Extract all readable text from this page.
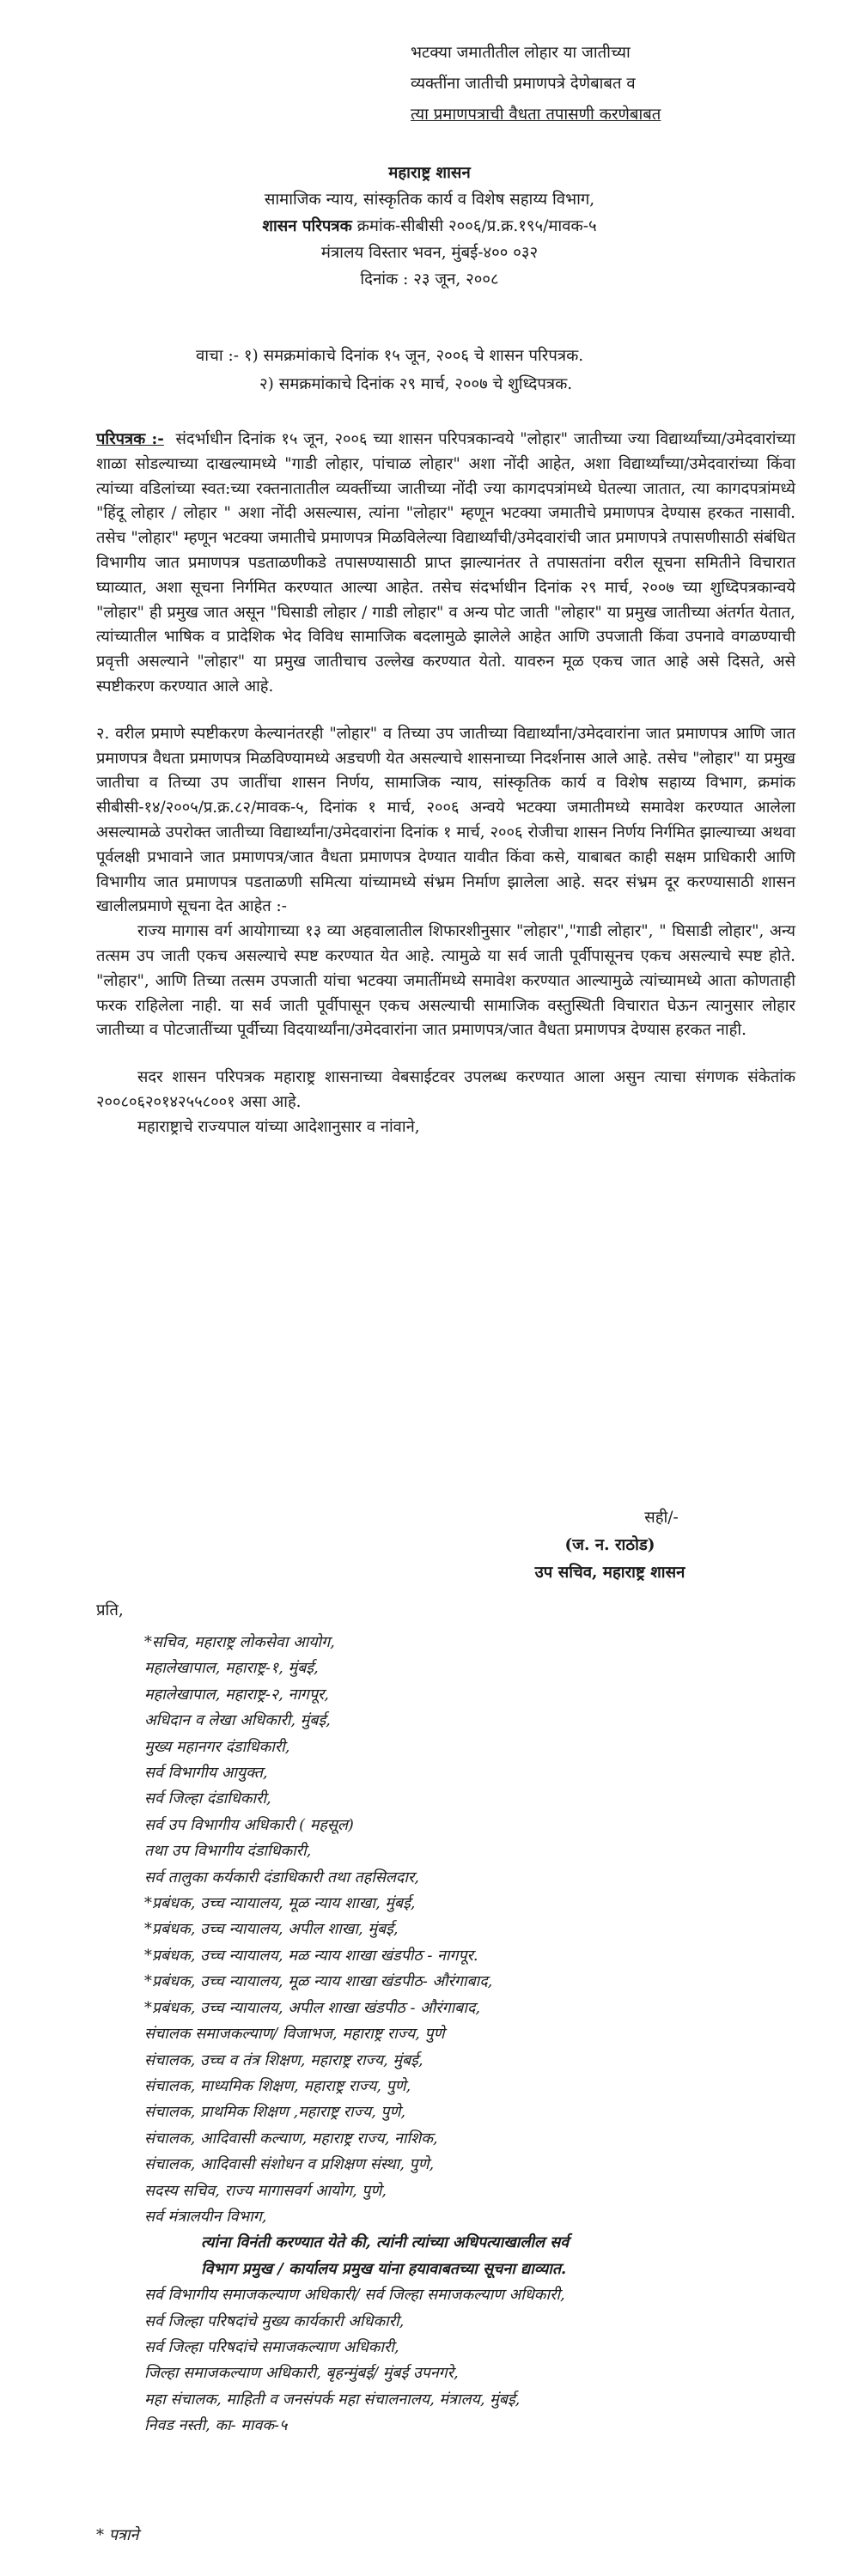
भटक्या जमातीतील लोहार या जातीच्या
व्यक्तींना जातीची प्रमाणपत्रे देणेबाबत व
त्या प्रमाणपत्राची वैधता तपासणी करणेबाबत
महाराष्ट्र शासन
सामाजिक न्याय, सांस्कृतिक कार्य व विशेष सहाय्य विभाग,
शासन परिपत्रक क्रमांक-सीबीसी २००६/प्र.क्र.१९५/मावक-५
मंत्रालय विस्तार भवन, मुंबई-४०० ०३२
दिनांक : २३ जून, २००८
वाचा :- १) समक्रमांकाचे दिनांक १५ जून, २००६ चे शासन परिपत्रक.
२) समक्रमांकाचे दिनांक २९ मार्च, २००७ चे शुध्दिपत्रक.

परिपत्रक :- संदर्भाधीन दिनांक १५ जून, २००६ च्या शासन परिपत्रकान्वये "लोहार" जातीच्या ज्या विद्यार्थ्यांच्या/उमेदवारांच्या शाळा सोडल्याच्या दाखल्यामध्ये "गाडी लोहार, पांचाळ लोहार" अशा नोंदी आहेत, अशा विद्यार्थ्यांच्या/उमेदवारांच्या किंवा त्यांच्या वडिलांच्या स्वत:च्या रक्तनातातील व्यक्तींच्या जातीच्या नोंदी ज्या कागदपत्रांमध्ये घेतल्या जातात, त्या कागदपत्रांमध्ये "हिंदू लोहार / लोहार " अशा नोंदी असल्यास, त्यांना "लोहार" म्हणून भटक्या जमातीचे प्रमाणपत्र देण्यास हरकत नासावी. तसेच "लोहार" म्हणून भटक्या जमातीचे प्रमाणपत्र मिळविलेल्या विद्यार्थ्यांची/उमेदवारांची जात प्रमाणपत्रे तपासणीसाठी संबंधित विभागीय जात प्रमाणपत्र पडताळणीकडे तपासण्यासाठी प्राप्त झाल्यानंतर ते तपासतांना वरील सूचना समितीने विचारात घ्याव्यात, अशा सूचना निर्गमित करण्यात आल्या आहेत. तसेच संदर्भाधीन दिनांक २९ मार्च, २००७ च्या शुध्दिपत्रकान्वये "लोहार" ही प्रमुख जात असून "घिसाडी लोहार / गाडी लोहार" व अन्य पोट जाती "लोहार" या प्रमुख जातीच्या अंतर्गत येतात, त्यांच्यातील भाषिक व प्रादेशिक भेद विविध सामाजिक बदलामुळे झालेले आहेत आणि उपजाती किंवा उपनावे वगळण्याची प्रवृत्ती असल्याने "लोहार" या प्रमुख जातीचाच उल्लेख करण्यात येतो. यावरुन मूळ एकच जात आहे असे दिसते, असे स्पष्टीकरण करण्यात आले आहे.

२. वरील प्रमाणे स्पष्टीकरण केल्यानंतरही "लोहार" व तिच्या उप जातीच्या विद्यार्थ्यांना/उमेदवारांना जात प्रमाणपत्र आणि जात प्रमाणपत्र वैधता प्रमाणपत्र मिळविण्यामध्ये अडचणी येत असल्याचे शासनाच्या निदर्शनास आले आहे. तसेच "लोहार" या प्रमुख जातीचा व तिच्या उप जातींचा शासन निर्णय, सामाजिक न्याय, सांस्कृतिक कार्य व विशेष सहाय्य विभाग, क्रमांक सीबीसी-१४/२००५/प्र.क्र.८२/मावक-५, दिनांक १ मार्च, २००६ अन्वये भटक्या जमातीमध्ये समावेश करण्यात आलेला असल्यामळे उपरोक्त जातीच्या विद्यार्थ्यांना/उमेदवारांना दिनांक १ मार्च, २००६ रोजीचा शासन निर्णय निर्गमित झाल्याच्या अथवा पूर्वलक्षी प्रभावाने जात प्रमाणपत्र/जात वैधता प्रमाणपत्र देण्यात यावीत किंवा कसे, याबाबत काही सक्षम प्राधिकारी आणि विभागीय जात प्रमाणपत्र पडताळणी समित्या यांच्यामध्ये संभ्रम निर्माण झालेला आहे. सदर संभ्रम दूर करण्यासाठी शासन खालीलप्रमाणे सूचना देत आहेत :-

राज्य मागास वर्ग आयोगाच्या १३ व्या अहवालातील शिफारशीनुसार "लोहार","गाडी लोहार", " घिसाडी लोहार", अन्य तत्सम उप जाती एकच असल्याचे स्पष्ट करण्यात येत आहे. त्यामुळे या सर्व जाती पूर्वीपासूनच एकच असल्याचे स्पष्ट होते. "लोहार", आणि तिच्या तत्सम उपजाती यांचा भटक्या जमातींमध्ये समावेश करण्यात आल्यामुळे त्यांच्यामध्ये आता कोणताही फरक राहिलेला नाही. या सर्व जाती पूर्वीपासून एकच असल्याची सामाजिक वस्तुस्थिती विचारात घेऊन त्यानुसार लोहार जातीच्या व पोटजातींच्या पूर्वीच्या विदयार्थ्यांना/उमेदवारांना जात प्रमाणपत्र/जात वैधता प्रमाणपत्र देण्यास हरकत नाही.

सदर शासन परिपत्रक महाराष्ट्र शासनाच्या वेबसाईटवर उपलब्ध करण्यात आला असुन त्याचा संगणक संकेतांक २००८०६२०१४२५५८००१ असा आहे.

महाराष्ट्राचे राज्यपाल यांच्या आदेशानुसार व नांवाने,

सही/-
(ज. न. राठोड)
उप सचिव, महाराष्ट्र शासन
प्रति,
*सचिव, महाराष्ट्र लोकसेवा आयोग,
महालेखापाल, महाराष्ट्र-१, मुंबई,
महालेखापाल, महाराष्ट्र-२, नागपूर,
अधिदान व लेखा अधिकारी, मुंबई,
मुख्य महानगर दंडाधिकारी,
सर्व विभागीय आयुक्त,
सर्व जिल्हा दंडाधिकारी,
सर्व उप विभागीय अधिकारी ( महसूल)
तथा उप विभागीय दंडाधिकारी,
सर्व तालुका कर्यकारी दंडाधिकारी तथा तहसिलदार,
*प्रबंधक, उच्च न्यायालय, मूळ न्याय शाखा, मुंबई,
*प्रबंधक, उच्च न्यायालय, अपील शाखा, मुंबई,
*प्रबंधक, उच्च न्यायालय, मळ न्याय शाखा खंडपीठ - नागपूर.
*प्रबंधक, उच्च न्यायालय, मूळ न्याय शाखा खंडपीठ- औरंगाबाद,
*प्रबंधक, उच्च न्यायालय, अपील शाखा खंडपीठ - औरंगाबाद,
संचालक समाजकल्याण/ विजाभज, महाराष्ट्र राज्य, पुणे
संचालक, उच्च व तंत्र शिक्षण, महाराष्ट्र राज्य, मुंबई,
संचालक, माध्यमिक शिक्षण, महाराष्ट्र राज्य, पुणे,
संचालक, प्राथमिक शिक्षण ,महाराष्ट्र राज्य, पुणे,
संचालक, आदिवासी कल्याण, महाराष्ट्र राज्य, नाशिक,
संचालक, आदिवासी संशोधन व प्रशिक्षण संस्था, पुणे,
सदस्य सचिव, राज्य मागासवर्ग आयोग, पुणे,
सर्व मंत्रालयीन विभाग,
त्यांना विनंती करण्यात येते की, त्यांनी त्यांच्या अधिपत्याखालील सर्व
विभाग प्रमुख / कार्यालय प्रमुख यांना हयावाबतच्या सूचना द्याव्यात.
सर्व विभागीय समाजकल्याण अधिकारी/ सर्व जिल्हा समाजकल्याण अधिकारी,
सर्व जिल्हा परिषदांचे मुख्य कार्यकारी अधिकारी,
सर्व जिल्हा परिषदांचे समाजकल्याण अधिकारी,
जिल्हा समाजकल्याण अधिकारी, बृहन्मुंबई/ मुंबई उपनगरे,
महा संचालक, माहिती व जनसंपर्क महा संचालनालय, मंत्रालय, मुंबई,
निवड नस्ती, का- मावक-५
* पत्राने
